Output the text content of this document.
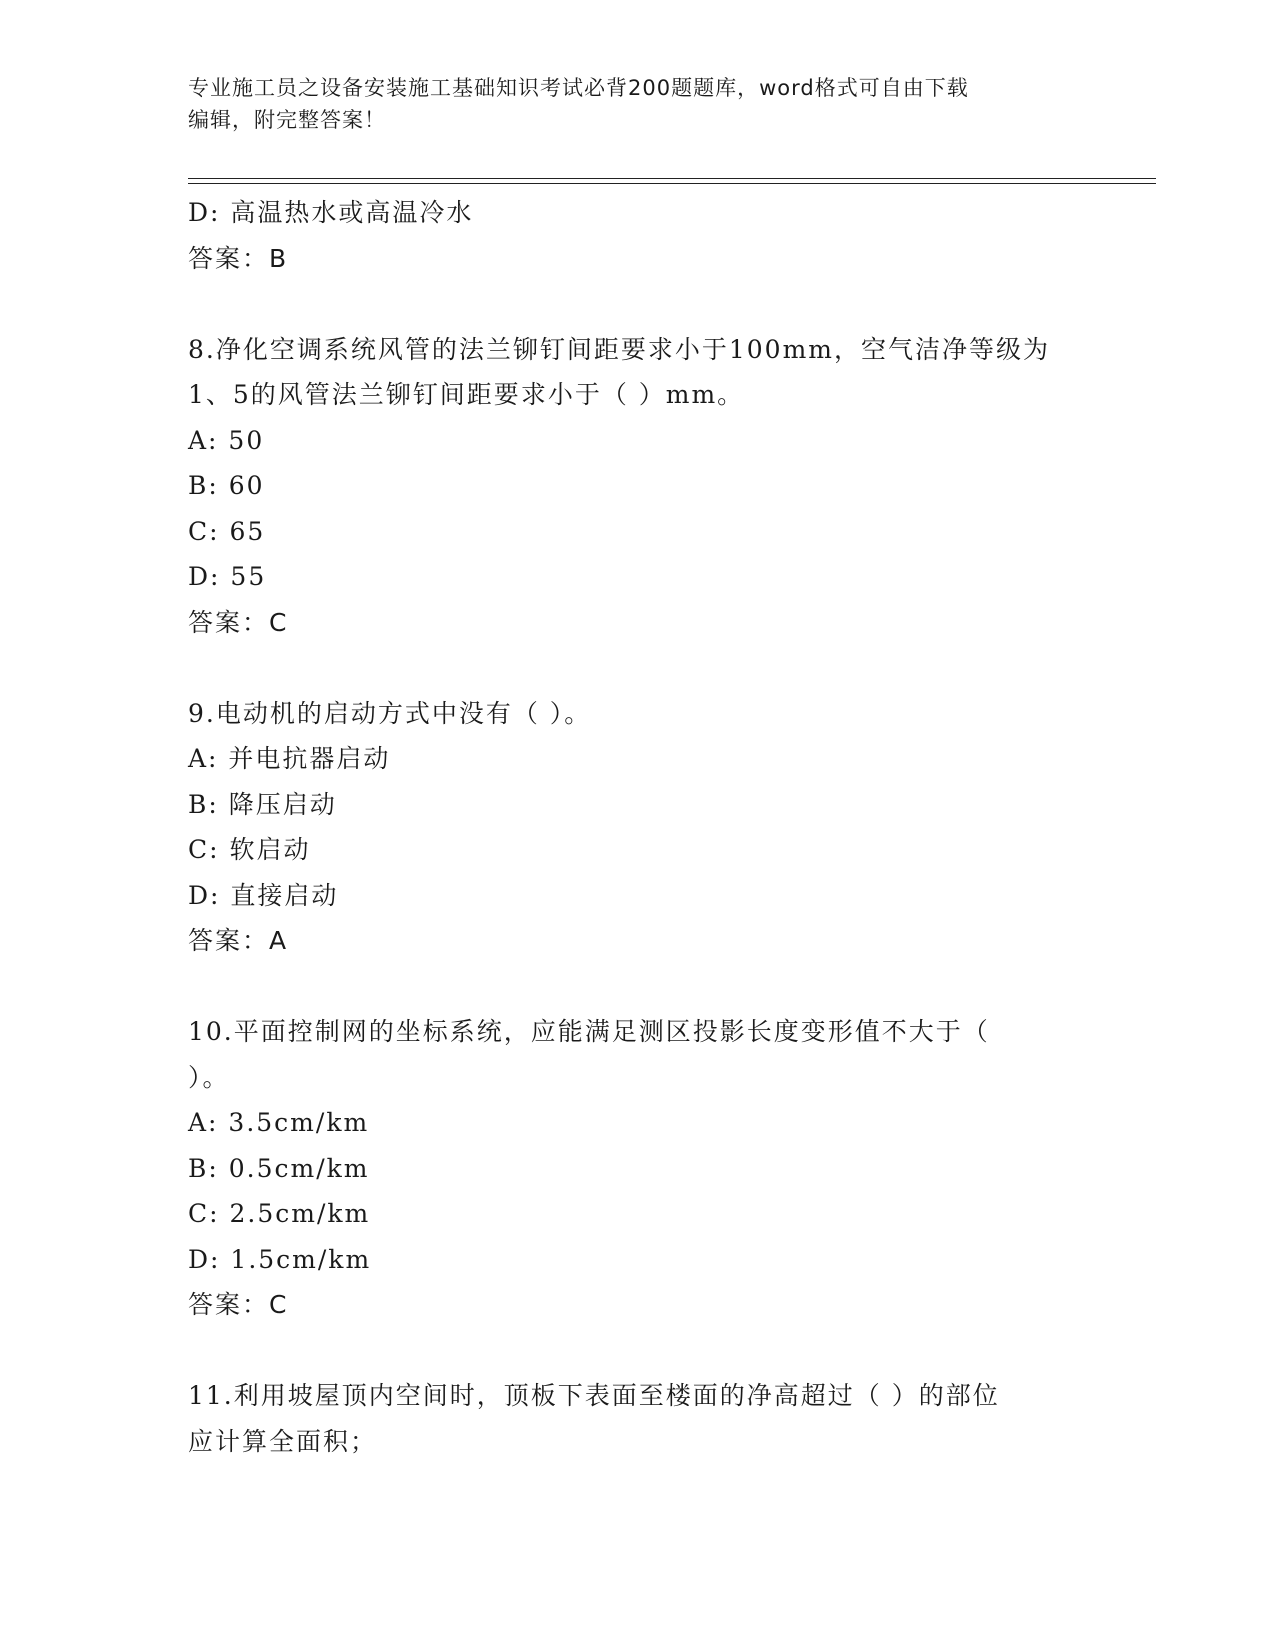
专业施工员之设备安装施工基础知识考试必背200题题库，word格式可自由下载
编辑，附完整答案！
D: 高温热水或高温冷水
答案：B
8.净化空调系统风管的法兰铆钉间距要求小于100mm，空气洁净等级为
1、5的风管法兰铆钉间距要求小于（ ）mm。
A: 50
B: 60
C: 65
D: 55
答案：C
9.电动机的启动方式中没有（ ）。
A: 并电抗器启动
B: 降压启动
C: 软启动
D: 直接启动
答案：A
10.平面控制网的坐标系统，应能满足测区投影长度变形值不大于（
）。
A: 3.5cm/km
B: 0.5cm/km
C: 2.5cm/km
D: 1.5cm/km
答案：C
11.利用坡屋顶内空间时，顶板下表面至楼面的净高超过（ ）的部位
应计算全面积；
